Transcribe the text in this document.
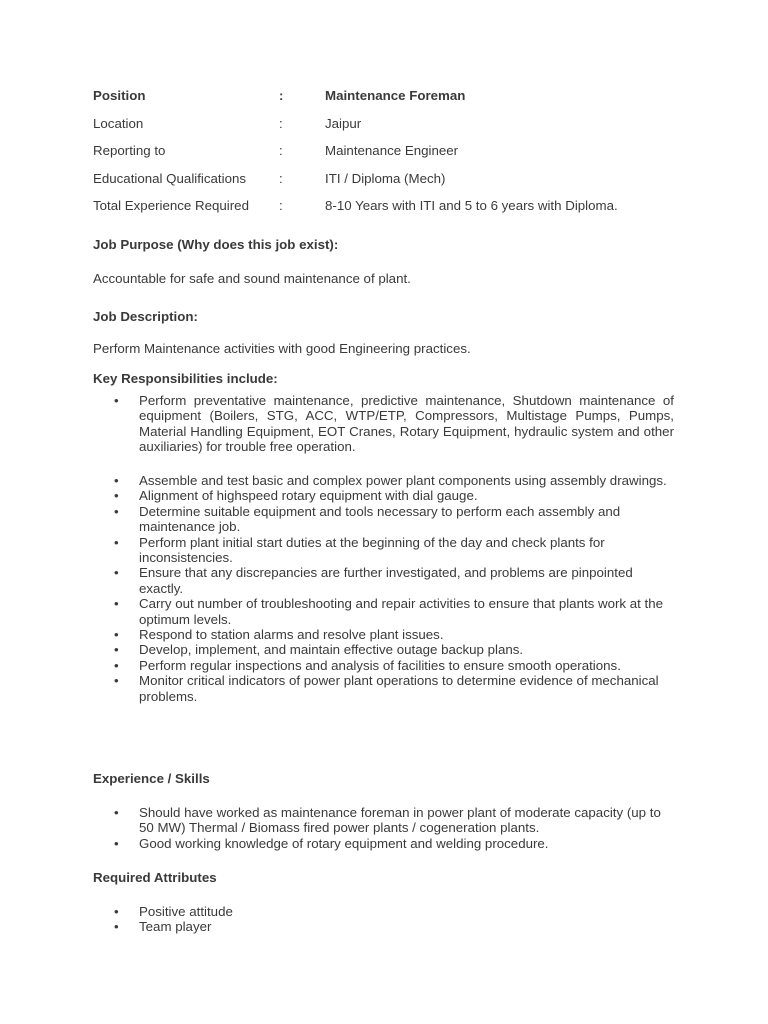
Position	:	Maintenance Foreman
Location	:	Jaipur
Reporting to	:	Maintenance Engineer
Educational Qualifications :	ITI / Diploma (Mech)
Total Experience Required :	8-10 Years with ITI and 5 to 6 years with Diploma.
Job Purpose (Why does this job exist):
Accountable for safe and sound maintenance of plant.
Job Description:
Perform Maintenance activities with good Engineering practices.
Key Responsibilities include:
• Perform preventative maintenance, predictive maintenance, Shutdown maintenance of equipment (Boilers, STG, ACC, WTP/ETP, Compressors, Multistage Pumps, Pumps, Material Handling Equipment, EOT Cranes, Rotary Equipment, hydraulic system and other auxiliaries) for trouble free operation.
• Assemble and test basic and complex power plant components using assembly drawings.
• Alignment of highspeed rotary equipment with dial gauge.
• Determine suitable equipment and tools necessary to perform each assembly and maintenance job.
• Perform plant initial start duties at the beginning of the day and check plants for inconsistencies.
• Ensure that any discrepancies are further investigated, and problems are pinpointed exactly.
• Carry out number of troubleshooting and repair activities to ensure that plants work at the optimum levels.
• Respond to station alarms and resolve plant issues.
• Develop, implement, and maintain effective outage backup plans.
• Perform regular inspections and analysis of facilities to ensure smooth operations.
• Monitor critical indicators of power plant operations to determine evidence of mechanical problems.
Experience / Skills
• Should have worked as maintenance foreman in power plant of moderate capacity (up to 50 MW) Thermal / Biomass fired power plants / cogeneration plants.
• Good working knowledge of rotary equipment and welding procedure.
Required Attributes
• Positive attitude
• Team player
